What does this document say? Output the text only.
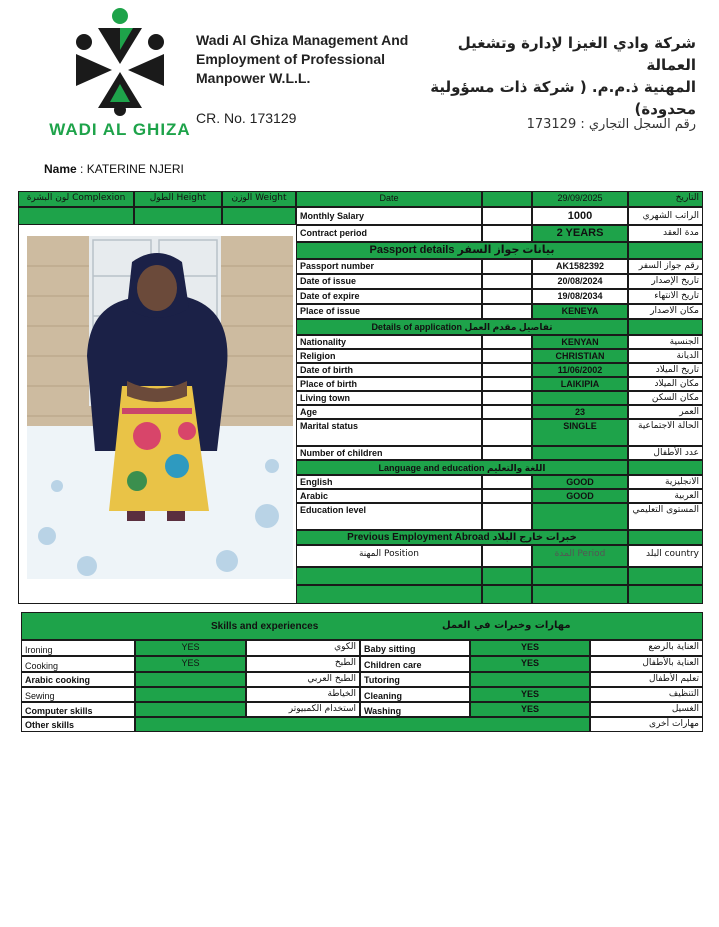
WADI AL GHIZA
Wadi Al Ghiza Management And
Employment of Professional
Manpower W.L.L.
CR. No. 173129
شركة وادي الغيزا لإدارة وتشغيل العمالة
المهنية ذ.م.م. ( شركة ذات مسؤولية
محدودة)
رقم السجل التجاري : 173129
Name : KATERINE NJERI
Complexion لون البشرة	Height الطول	Weight الوزن	Date	29/09/2025	التاريخ
Monthly Salary	1000	الراتب الشهري
Contract period	2 YEARS	مدة العقد
Passport details بيانات جواز السفر
Passport number	AK1582392	رقم جواز السفر
Date of issue	20/08/2024	تاريخ الإصدار
Date of expire	19/08/2034	تاريخ الانتهاء
Place of issue	KENEYA	مكان الاصدار
Details of application تفاصيل مقدم العمل
Nationality	KENYAN	الجنسية
Religion	CHRISTIAN	الديانة
Date of birth	11/06/2002	تاريخ الميلاد
Place of birth	LAIKIPIA	مكان الميلاد
Living town	مكان السكن
Age	23	العمر
Marital status	SINGLE	الحالة الاجتماعية
Number of children	عدد الأطفال
Language and education اللغة والتعليم
English	GOOD	الانجليزية
Arabic	GOOD	العربية
Education level	المستوى التعليمي
Previous Employment Abroad خبرات خارج البلاد
Position المهنة	Period المدة	country البلد
Skills and experiences	مهارات وخبرات في العمل
Ironing	YES	الكوي Baby sitting	YES	العناية بالرضع
Cooking	YES	الطبخ Children care	YES	العناية بالأطفال
Arabic cooking	الطبخ العربي Tutoring	تعليم الأطفال
Sewing	الخياطة Cleaning	YES	التنظيف
Computer skills	استخدام الكمبيوتر Washing	YES	الغسيل
Other skills	مهارات أخرى
